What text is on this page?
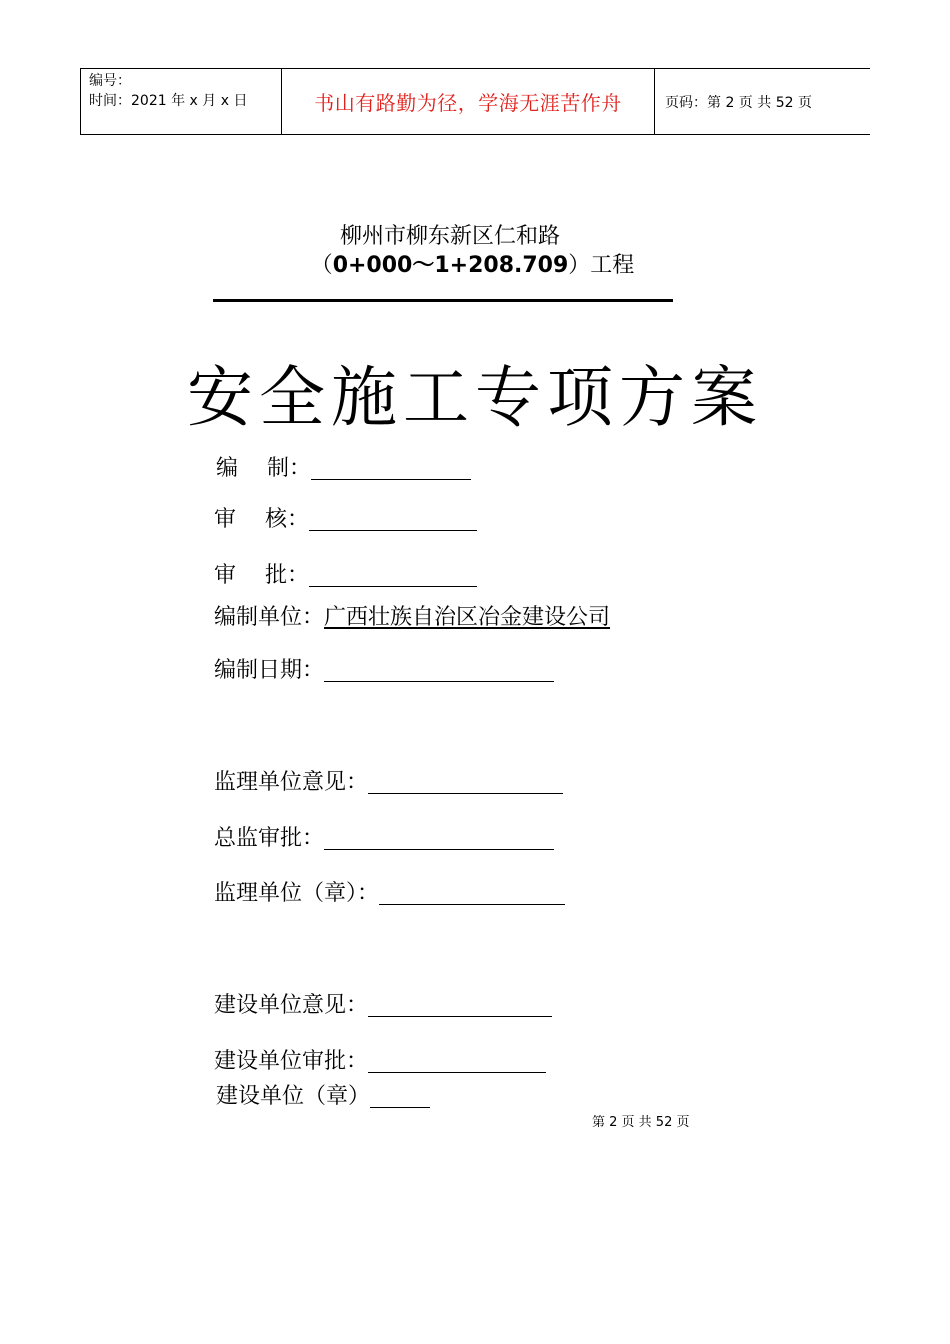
编号：
时间：2021 年 x 月 x 日	书山有路勤为径，学海无涯苦作舟	页码：第 2 页 共 52 页
柳州市柳东新区仁和路
（0+000～1+208.709）工程
安全施工专项方案
编　 制：
审　 核：
审　 批：
编制单位： 广西壮族自治区冶金建设公司
编制日期：
监理单位意见：
总监审批：
监理单位（章）：
建设单位意见：
建设单位审批：
建设单位（章）
第 2 页 共 52 页
